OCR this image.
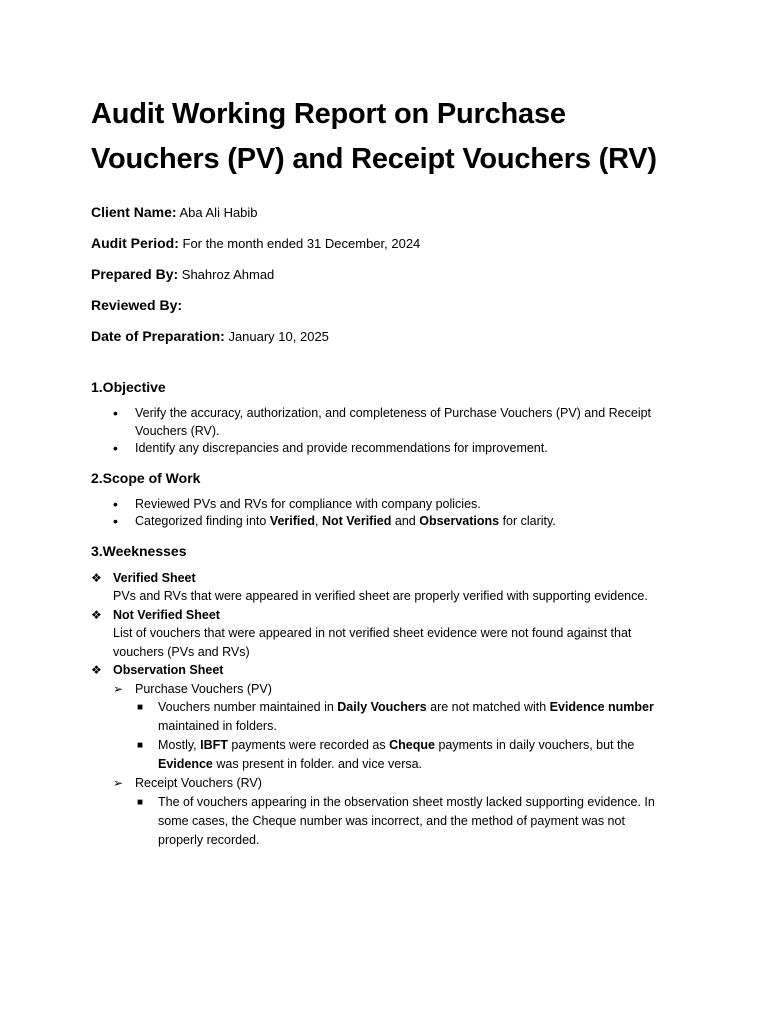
Audit Working Report on Purchase Vouchers (PV) and Receipt Vouchers (RV)
Client Name: Aba Ali Habib
Audit Period: For the month ended 31 December, 2024
Prepared By: Shahroz Ahmad
Reviewed By:
Date of Preparation: January 10, 2025
1.Objective
• Verify the accuracy, authorization, and completeness of Purchase Vouchers (PV) and Receipt Vouchers (RV).
• Identify any discrepancies and provide recommendations for improvement.
2.Scope of Work
• Reviewed PVs and RVs for compliance with company policies.
• Categorized finding into Verified, Not Verified and Observations for clarity.
3.Weeknesses
❖ Verified Sheet
PVs and RVs that were appeared in verified sheet are properly verified with supporting evidence.
❖ Not Verified Sheet
List of vouchers that were appeared in not verified sheet evidence were not found against that vouchers (PVs and RVs)
❖ Observation Sheet
➢ Purchase Vouchers (PV)
■ Vouchers number maintained in Daily Vouchers are not matched with Evidence number maintained in folders.
■ Mostly, IBFT payments were recorded as Cheque payments in daily vouchers, but the Evidence was present in folder. and vice versa.
➢ Receipt Vouchers (RV)
■ The of vouchers appearing in the observation sheet mostly lacked supporting evidence. In some cases, the Cheque number was incorrect, and the method of payment was not properly recorded.
